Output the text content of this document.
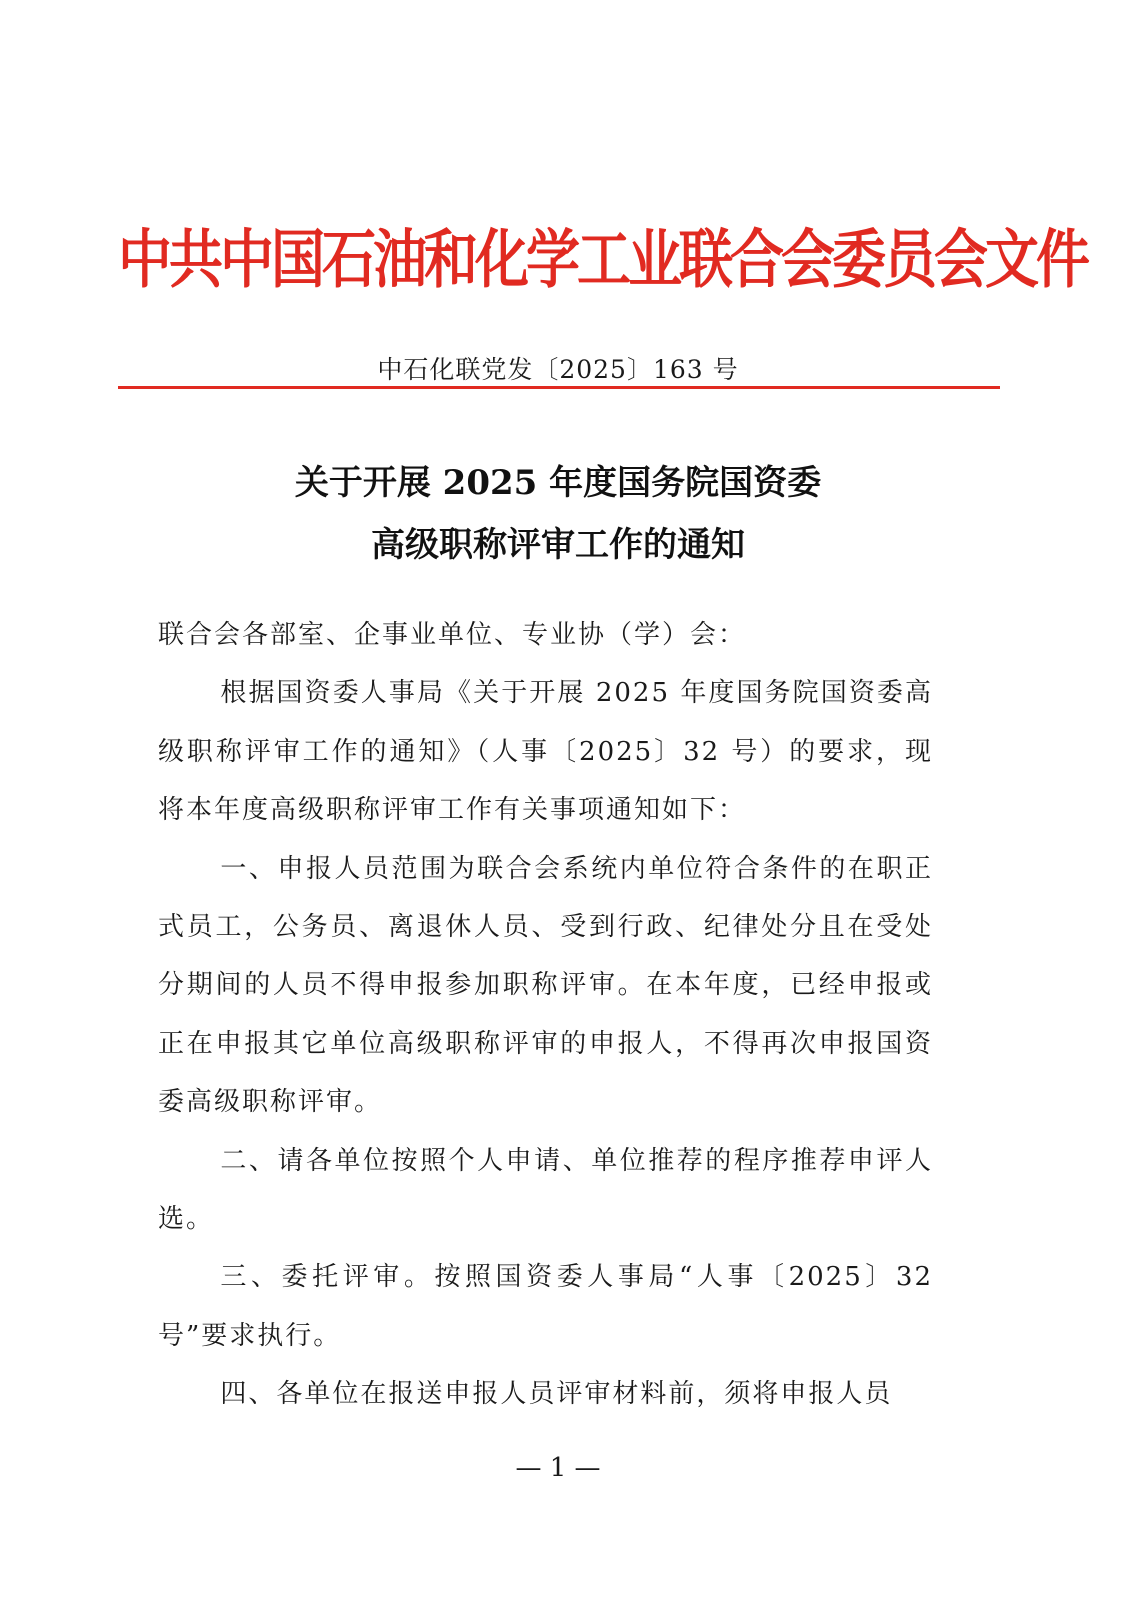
中共中国石油和化学工业联合会委员会文件
中石化联党发〔2025〕163 号
关于开展 2025 年度国务院国资委
高级职称评审工作的通知

联合会各部室、企事业单位、专业协（学）会：

根据国资委人事局《关于开展 2025 年度国务院国资委高级职称评审工作的通知》（人事〔2025〕32 号）的要求，现将本年度高级职称评审工作有关事项通知如下：

一、申报人员范围为联合会系统内单位符合条件的在职正式员工，公务员、离退休人员、受到行政、纪律处分且在受处分期间的人员不得申报参加职称评审。在本年度，已经申报或正在申报其它单位高级职称评审的申报人，不得再次申报国资委高级职称评审。

二、请各单位按照个人申请、单位推荐的程序推荐申评人选。

三、委托评审。按照国资委人事局“人事〔2025〕32 号”要求执行。

四、各单位在报送申报人员评审材料前，须将申报人员

— 1 —
